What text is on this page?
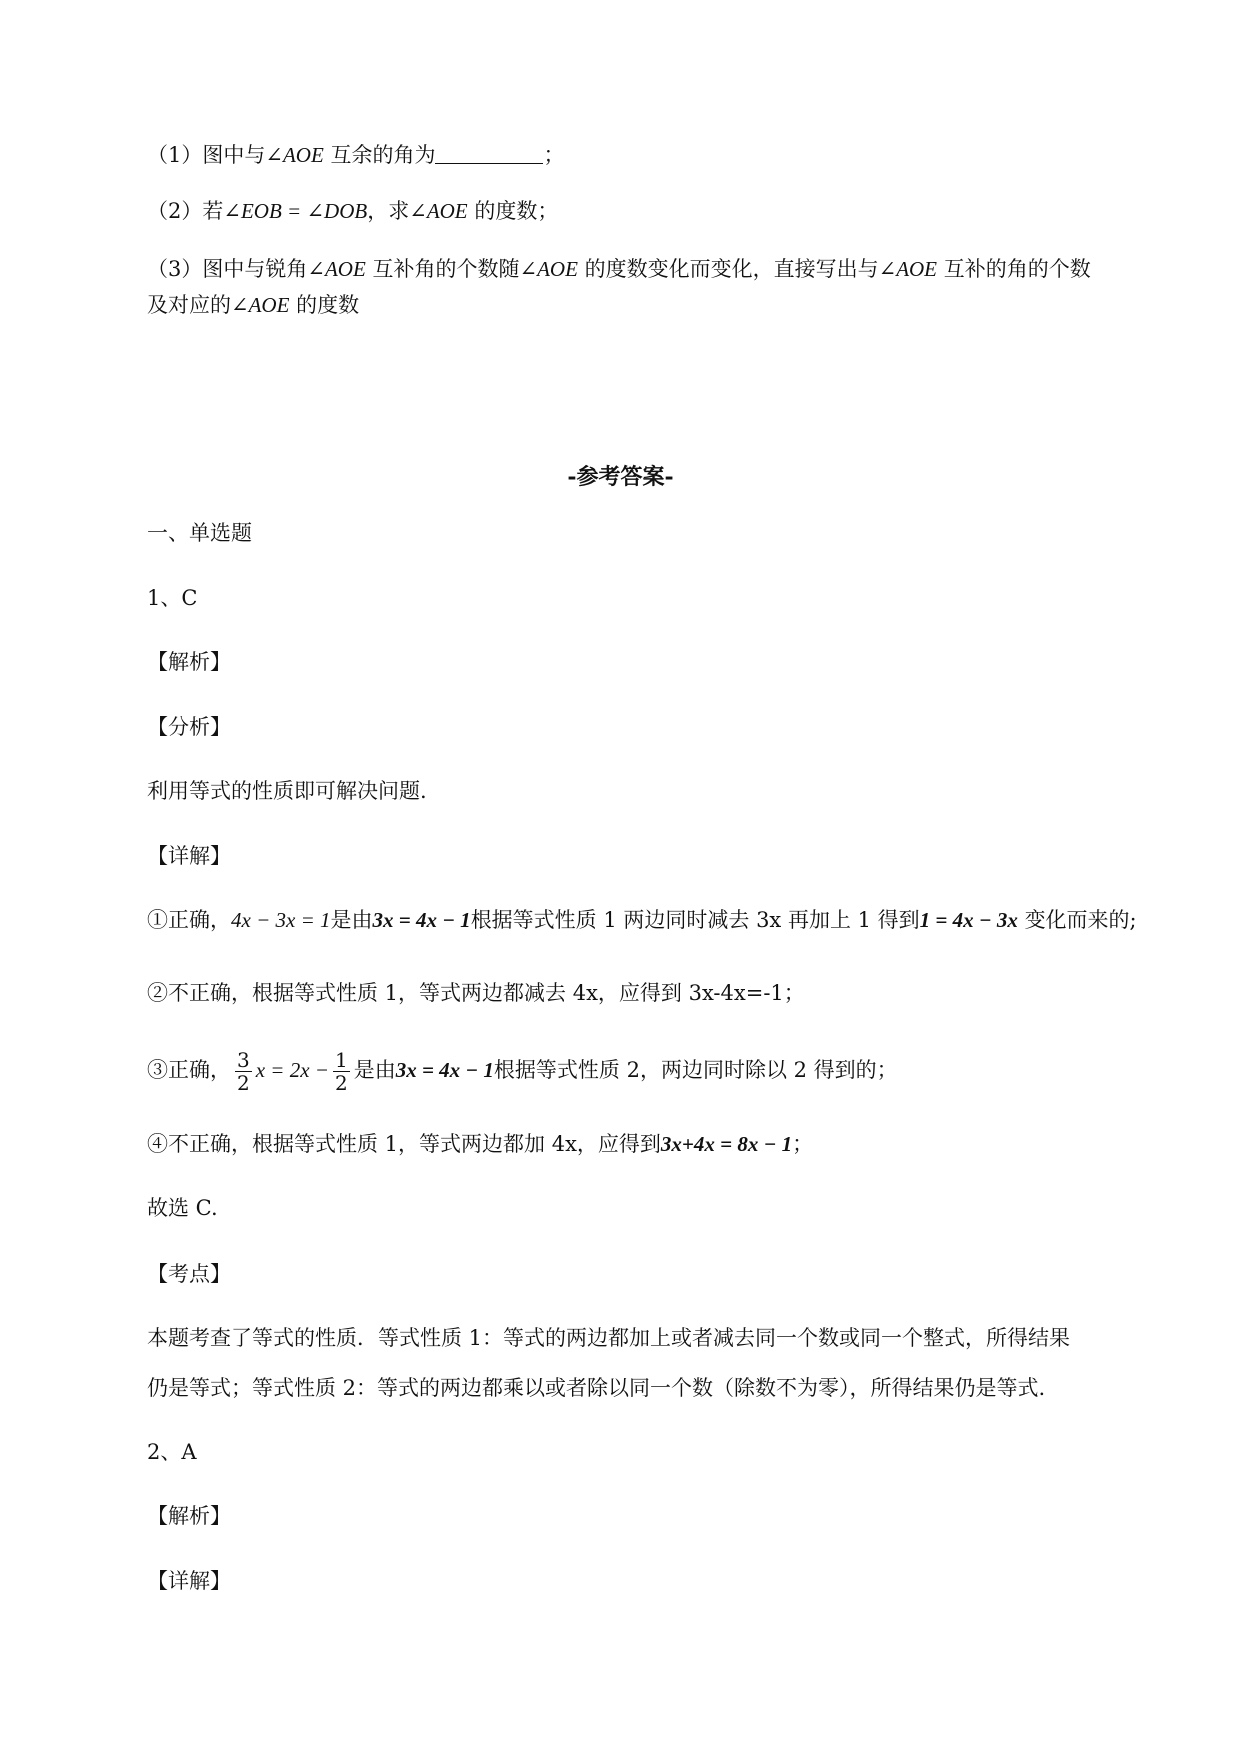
（1）图中与∠AOE 互余的角为	；
（2）若∠EOB = ∠DOB，求∠AOE 的度数；
（3）图中与锐角∠AOE 互补角的个数随∠AOE 的度数变化而变化，直接写出与∠AOE 互补的角的个数
及对应的∠AOE 的度数
-参考答案-
一、单选题
1、C
【解析】
【分析】
利用等式的性质即可解决问题.
【详解】
①正确，4x − 3x = 1是由3x = 4x − 1根据等式性质 1 两边同时减去 3x 再加上 1 得到1 = 4x − 3x 变化而来的;
②不正确，根据等式性质 1，等式两边都减去 4x，应得到 3x-4x=-1；
③正确， $\frac{3}{2}$ $x = 2x - \frac{1}{2}$ 是由3x = 4x − 1根据等式性质 2，两边同时除以 2 得到的；
④不正确，根据等式性质 1，等式两边都加 4x，应得到3x+4x = 8x − 1；
故选 C.
【考点】
本题考查了等式的性质．等式性质 1：等式的两边都加上或者减去同一个数或同一个整式，所得结果
仍是等式；等式性质 2：等式的两边都乘以或者除以同一个数（除数不为零），所得结果仍是等式.
2、A
【解析】
【详解】
